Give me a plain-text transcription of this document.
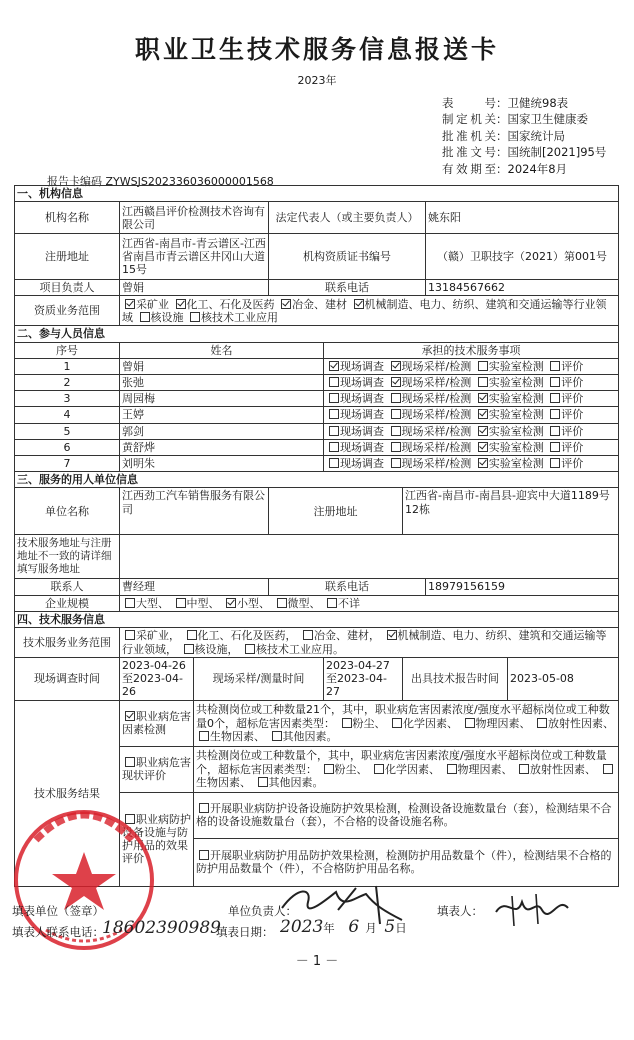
职业卫生技术服务信息报送卡
2023年
表 号：卫健统98表
制定机关：国家卫生健康委
批准机关：国家统计局
批准文号：国统制[2021]95号
有效期至：2024年8月
报告卡编码 ZYWSJS202336036000001568
一、机构信息							
机构名称	江西赣昌评价检测技术咨询有限公司		法定代表人（或主要负责人）			姚东阳	
注册地址	江西省-南昌市-青云谱区-江西省南昌市青云谱区井冈山大道15号		机构资质证书编号			（赣）卫职技字（2021）第001号	
项目负责人	曾娟		联系电话			13184567662	
资质业务范围	采矿业 化工、石化及医药 冶金、建材 机械制造、电力、纺织、建筑和交通运输等行业领域 核设施 核技术工业应用						
二、参与人员信息							
序号	姓名			承担的技术服务事项			
1	曾娟			现场调查 现场采样/检测 实验室检测 评价			
2	张弛			现场调查 现场采样/检测 实验室检测 评价			
3	周园梅			现场调查 现场采样/检测 实验室检测 评价			
4	王婷			现场调查 现场采样/检测 实验室检测 评价			
5	郭剑			现场调查 现场采样/检测 实验室检测 评价			
6	黄舒烨			现场调查 现场采样/检测 实验室检测 评价			
7	刘明朱			现场调查 现场采样/检测 实验室检测 评价			
三、服务的用人单位信息							
单位名称	江西劲工汽车销售服务有限公司		注册地址		江西省-南昌市-南昌县-迎宾中大道1189号12栋		
技术服务地址与注册地址不一致的请详细填写服务地址							
联系人	曹经理		联系电话			18979156159	
企业规模	大型、 中型、 小型、 微型、 不详						
四、技术服务信息							
技术服务业务范围	采矿业， 化工、石化及医药， 冶金、建材， 机械制造、电力、纺织、建筑和交通运输等行业领域， 核设施， 核技术工业应用。						
现场调查时间	2023-04-26至2023-04-26	现场采样/测量时间		2023-04-27至2023-04-27	出具技术报告时间		2023-05-08
技术服务结果	职业病危害因素检测	共检测岗位或工种数量21个，其中，职业病危害因素浓度/强度水平超标岗位或工种数量0个，超标危害因素类型： 粉尘、 化学因素、 物理因素、 放射性因素、 生物因素、 其他因素。					
	职业病危害现状评价	共检测岗位或工种数量个，其中，职业病危害因素浓度/强度水平超标岗位或工种数量个，超标危害因素类型： 粉尘、 化学因素、 物理因素、 放射性因素、 生物因素、 其他因素。					
	职业病防护设备设施与防护用品的效果评价	开展职业病防护设备设施防护效果检测，检测设备设施数量台（套），检测结果不合格的设备设施数量台（套），不合格的设备设施名称。					
		开展职业病防护用品防护效果检测，检测防护用品数量个（件），检测结果不合格的防护用品数量个（件），不合格防护用品名称。					
填表单位（签章）	单位负责人：	填表人：
填表人联系电话：
18602390989
填表日期： 2023年 6 月 5日
－ 1 －
